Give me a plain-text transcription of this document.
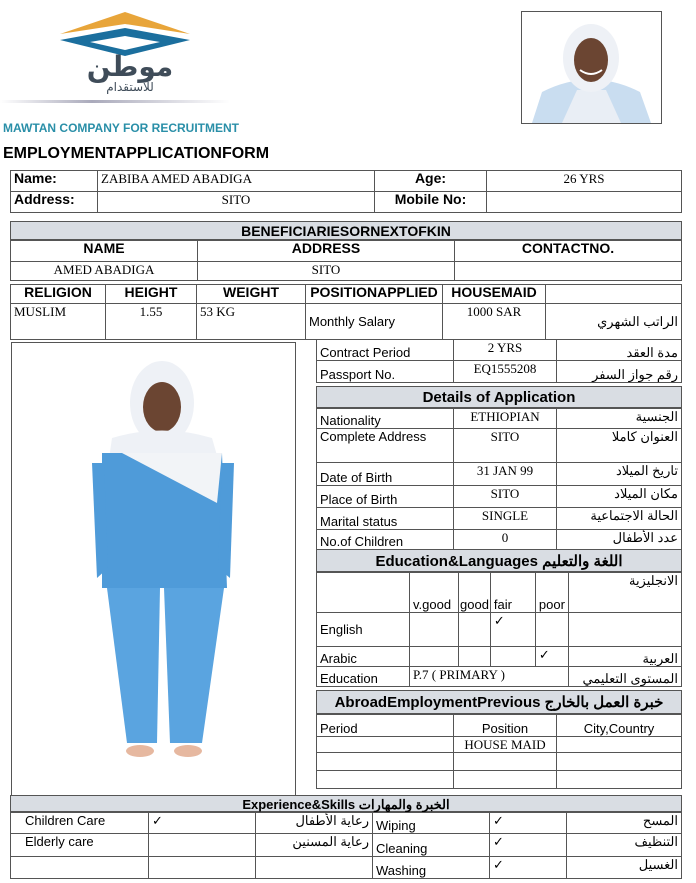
موطن
للاستقدام
MAWTAN COMPANY FOR RECRUITMENT
EMPLOYMENTAPPLICATIONFORM
Name:	ZABIBA AMED ABADIGA	Age:	26 YRS
Address:	SITO	Mobile No:	
BENEFICIARIESORNEXTOFKIN
NAME	ADDRESS	CONTACTNO.
AMED ABADIGA	SITO	
RELIGION	HEIGHT	WEIGHT	POSITIONAPPLIED	HOUSEMAID	
MUSLIM	1.55	53 KG	Monthly Salary	1000 SAR	الراتب الشهري
Contract Period	2 YRS	مدة العقد
Passport No.	EQ1555208	رقم جواز السفر
Details of Application
Nationality	ETHIOPIAN	الجنسية
Complete Address	SITO	العنوان كاملا
Date of Birth	31 JAN 99	تاريخ الميلاد
Place of Birth	SITO	مكان الميلاد
Marital status	SINGLE	الحالة الاجتماعية
No.of Children	0	عدد الأطفال
Education&Languages اللغة والتعليم
	v.good	good	fair	poor	الانجليزية
English			✓		
Arabic				✓	العربية
Education	P.7 ( PRIMARY )				المستوى التعليمي
AbroadEmploymentPrevious خبرة العمل بالخارج
Period	Position	City,Country
	HOUSE MAID	

Experience&Skills الخبرة والمهارات
Children Care	✓	رعاية الأطفال	Wiping	✓	المسح
Elderly care		رعاية المسنين	Cleaning	✓	التنظيف
			Washing	✓	الغسيل
